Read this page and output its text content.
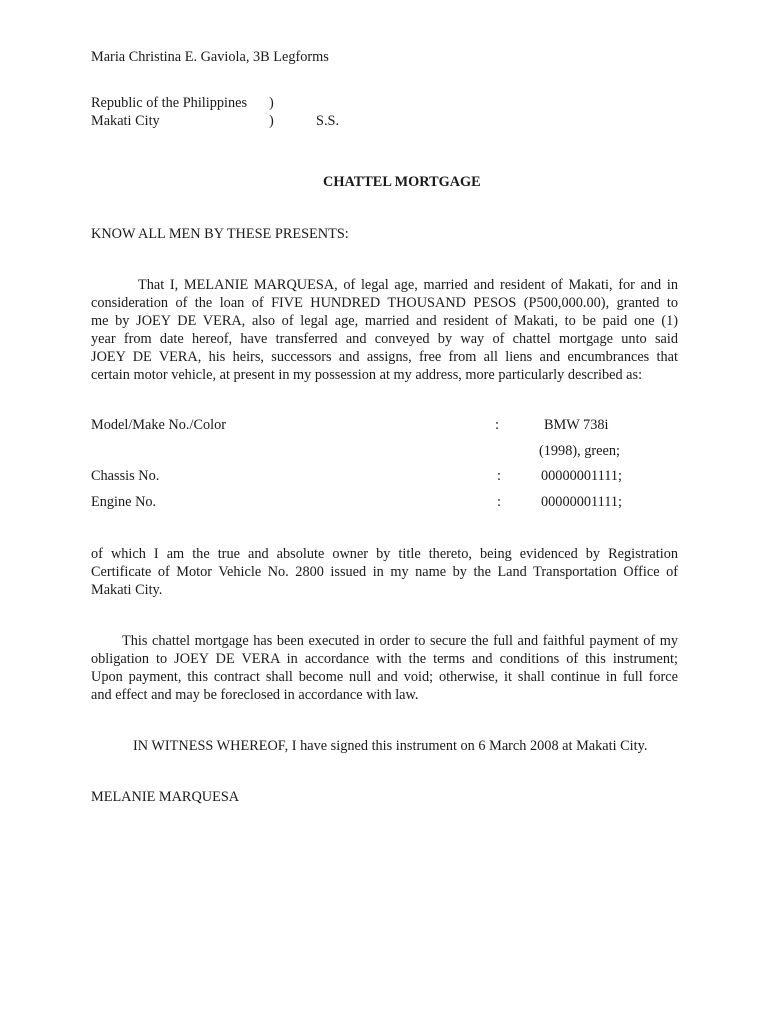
Maria Christina E. Gaviola, 3B Legforms
Republic of the Philippines )
Makati City	)	S.S.
CHATTEL MORTGAGE
KNOW ALL MEN BY THESE PRESENTS:
That I, MELANIE MARQUESA, of legal age, married and resident of Makati, for and in
consideration of the loan of FIVE HUNDRED THOUSAND PESOS (P500,000.00), granted to
me by JOEY DE VERA, also of legal age, married and resident of Makati, to be paid one (1)
year from date hereof, have transferred and conveyed by way of chattel mortgage unto said
JOEY DE VERA, his heirs, successors and assigns, free from all liens and encumbrances that
certain motor vehicle, at present in my possession at my address, more particularly described as:
Model/Make No./Color	:	BMW 738i
(1998), green;
Chassis No.	:	00000001111;
Engine No.	:	00000001111;
of which I am the true and absolute owner by title thereto, being evidenced by Registration
Certificate of Motor Vehicle No. 2800 issued in my name by the Land Transportation Office of
Makati City.
This chattel mortgage has been executed in order to secure the full and faithful payment of my
obligation to JOEY DE VERA in accordance with the terms and conditions of this instrument;
Upon payment, this contract shall become null and void; otherwise, it shall continue in full force
and effect and may be foreclosed in accordance with law.
IN WITNESS WHEREOF, I have signed this instrument on 6 March 2008 at Makati City.
MELANIE MARQUESA
